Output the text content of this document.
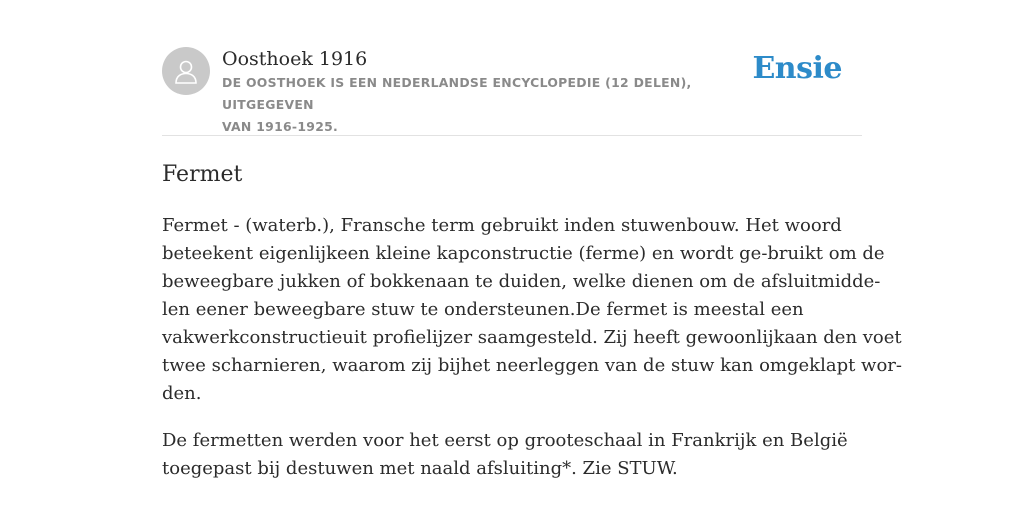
Oosthoek 1916

DE OOSTHOEK IS EEN NEDERLANDSE ENCYCLOPEDIE (12 DELEN), UITGEGEVEN
VAN 1916-1925.

Ensie
Fermet

Fermet - (waterb.), Fransche term gebruikt inden stuwenbouw. Het woord
beteekent eigenlijkeen kleine kapconstructie (ferme) en wordt ge-bruikt om de
beweegbare jukken of bokkenaan te duiden, welke dienen om de afsluitmidde-
len eener beweegbare stuw te ondersteunen.De fermet is meestal een
vakwerkconstructieuit profielijzer saamgesteld. Zij heeft gewoonlijkaan den voet
twee scharnieren, waarom zij bijhet neerleggen van de stuw kan omgeklapt wor-
den.

De fermetten werden voor het eerst op grooteschaal in Frankrijk en België
toegepast bij destuwen met naald afsluiting*. Zie STUW.
